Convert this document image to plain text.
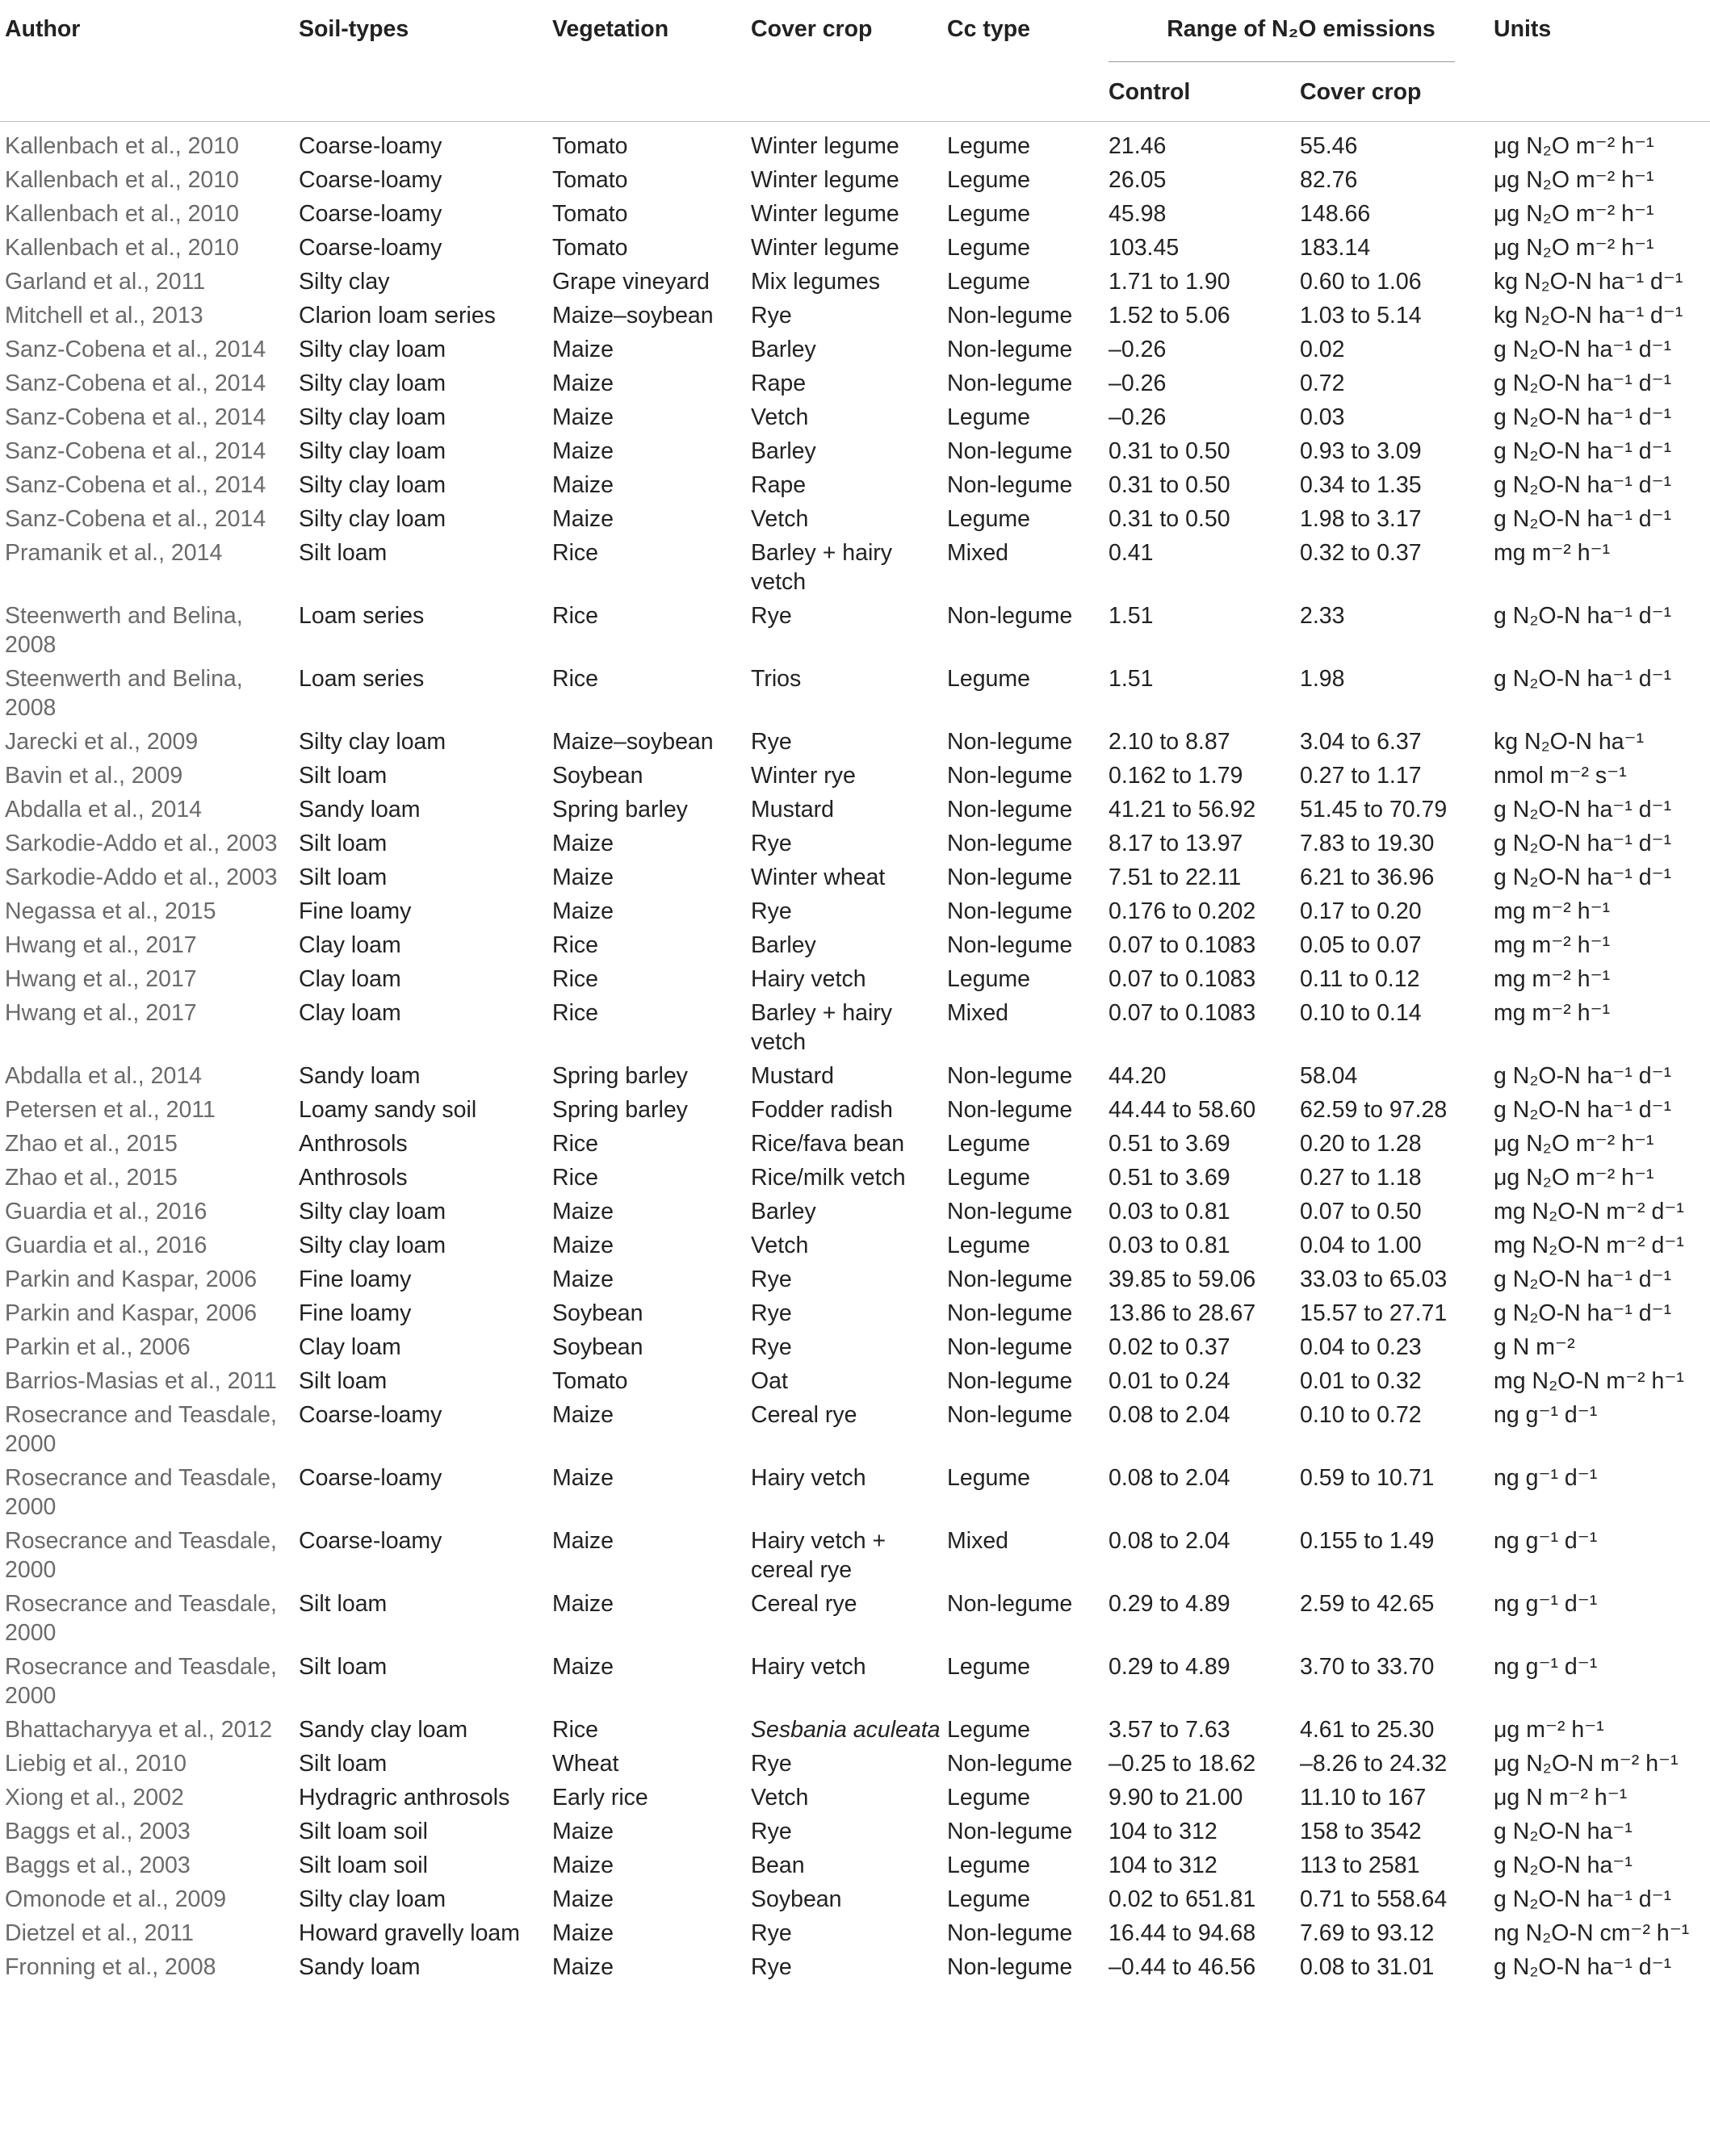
Author	Soil-types	Vegetation	Cover crop	Cc type	Range of N₂O emissions		Units
					Control	Cover crop	
Kallenbach et al., 2010	Coarse-loamy	Tomato	Winter legume	Legume	21.46	55.46	μg N₂O m⁻² h⁻¹
Kallenbach et al., 2010	Coarse-loamy	Tomato	Winter legume	Legume	26.05	82.76	μg N₂O m⁻² h⁻¹
Kallenbach et al., 2010	Coarse-loamy	Tomato	Winter legume	Legume	45.98	148.66	μg N₂O m⁻² h⁻¹
Kallenbach et al., 2010	Coarse-loamy	Tomato	Winter legume	Legume	103.45	183.14	μg N₂O m⁻² h⁻¹
Garland et al., 2011	Silty clay	Grape vineyard	Mix legumes	Legume	1.71 to 1.90	0.60 to 1.06	kg N₂O-N ha⁻¹ d⁻¹
Mitchell et al., 2013	Clarion loam series	Maize–soybean	Rye	Non-legume	1.52 to 5.06	1.03 to 5.14	kg N₂O-N ha⁻¹ d⁻¹
Sanz-Cobena et al., 2014	Silty clay loam	Maize	Barley	Non-legume	–0.26	0.02	g N₂O-N ha⁻¹ d⁻¹
Sanz-Cobena et al., 2014	Silty clay loam	Maize	Rape	Non-legume	–0.26	0.72	g N₂O-N ha⁻¹ d⁻¹
Sanz-Cobena et al., 2014	Silty clay loam	Maize	Vetch	Legume	–0.26	0.03	g N₂O-N ha⁻¹ d⁻¹
Sanz-Cobena et al., 2014	Silty clay loam	Maize	Barley	Non-legume	0.31 to 0.50	0.93 to 3.09	g N₂O-N ha⁻¹ d⁻¹
Sanz-Cobena et al., 2014	Silty clay loam	Maize	Rape	Non-legume	0.31 to 0.50	0.34 to 1.35	g N₂O-N ha⁻¹ d⁻¹
Sanz-Cobena et al., 2014	Silty clay loam	Maize	Vetch	Legume	0.31 to 0.50	1.98 to 3.17	g N₂O-N ha⁻¹ d⁻¹
Pramanik et al., 2014	Silt loam	Rice	Barley + hairy vetch	Mixed	0.41	0.32 to 0.37	mg m⁻² h⁻¹
Steenwerth and Belina, 2008	Loam series	Rice	Rye	Non-legume	1.51	2.33	g N₂O-N ha⁻¹ d⁻¹
Steenwerth and Belina, 2008	Loam series	Rice	Trios	Legume	1.51	1.98	g N₂O-N ha⁻¹ d⁻¹
Jarecki et al., 2009	Silty clay loam	Maize–soybean	Rye	Non-legume	2.10 to 8.87	3.04 to 6.37	kg N₂O-N ha⁻¹
Bavin et al., 2009	Silt loam	Soybean	Winter rye	Non-legume	0.162 to 1.79	0.27 to 1.17	nmol m⁻² s⁻¹
Abdalla et al., 2014	Sandy loam	Spring barley	Mustard	Non-legume	41.21 to 56.92	51.45 to 70.79	g N₂O-N ha⁻¹ d⁻¹
Sarkodie-Addo et al., 2003	Silt loam	Maize	Rye	Non-legume	8.17 to 13.97	7.83 to 19.30	g N₂O-N ha⁻¹ d⁻¹
Sarkodie-Addo et al., 2003	Silt loam	Maize	Winter wheat	Non-legume	7.51 to 22.11	6.21 to 36.96	g N₂O-N ha⁻¹ d⁻¹
Negassa et al., 2015	Fine loamy	Maize	Rye	Non-legume	0.176 to 0.202	0.17 to 0.20	mg m⁻² h⁻¹
Hwang et al., 2017	Clay loam	Rice	Barley	Non-legume	0.07 to 0.1083	0.05 to 0.07	mg m⁻² h⁻¹
Hwang et al., 2017	Clay loam	Rice	Hairy vetch	Legume	0.07 to 0.1083	0.11 to 0.12	mg m⁻² h⁻¹
Hwang et al., 2017	Clay loam	Rice	Barley + hairy vetch	Mixed	0.07 to 0.1083	0.10 to 0.14	mg m⁻² h⁻¹
Abdalla et al., 2014	Sandy loam	Spring barley	Mustard	Non-legume	44.20	58.04	g N₂O-N ha⁻¹ d⁻¹
Petersen et al., 2011	Loamy sandy soil	Spring barley	Fodder radish	Non-legume	44.44 to 58.60	62.59 to 97.28	g N₂O-N ha⁻¹ d⁻¹
Zhao et al., 2015	Anthrosols	Rice	Rice/fava bean	Legume	0.51 to 3.69	0.20 to 1.28	μg N₂O m⁻² h⁻¹
Zhao et al., 2015	Anthrosols	Rice	Rice/milk vetch	Legume	0.51 to 3.69	0.27 to 1.18	μg N₂O m⁻² h⁻¹
Guardia et al., 2016	Silty clay loam	Maize	Barley	Non-legume	0.03 to 0.81	0.07 to 0.50	mg N₂O-N m⁻² d⁻¹
Guardia et al., 2016	Silty clay loam	Maize	Vetch	Legume	0.03 to 0.81	0.04 to 1.00	mg N₂O-N m⁻² d⁻¹
Parkin and Kaspar, 2006	Fine loamy	Maize	Rye	Non-legume	39.85 to 59.06	33.03 to 65.03	g N₂O-N ha⁻¹ d⁻¹
Parkin and Kaspar, 2006	Fine loamy	Soybean	Rye	Non-legume	13.86 to 28.67	15.57 to 27.71	g N₂O-N ha⁻¹ d⁻¹
Parkin et al., 2006	Clay loam	Soybean	Rye	Non-legume	0.02 to 0.37	0.04 to 0.23	g N m⁻²
Barrios-Masias et al., 2011	Silt loam	Tomato	Oat	Non-legume	0.01 to 0.24	0.01 to 0.32	mg N₂O-N m⁻² h⁻¹
Rosecrance and Teasdale, 2000	Coarse-loamy	Maize	Cereal rye	Non-legume	0.08 to 2.04	0.10 to 0.72	ng g⁻¹ d⁻¹
Rosecrance and Teasdale, 2000	Coarse-loamy	Maize	Hairy vetch	Legume	0.08 to 2.04	0.59 to 10.71	ng g⁻¹ d⁻¹
Rosecrance and Teasdale, 2000	Coarse-loamy	Maize	Hairy vetch + cereal rye	Mixed	0.08 to 2.04	0.155 to 1.49	ng g⁻¹ d⁻¹
Rosecrance and Teasdale, 2000	Silt loam	Maize	Cereal rye	Non-legume	0.29 to 4.89	2.59 to 42.65	ng g⁻¹ d⁻¹
Rosecrance and Teasdale, 2000	Silt loam	Maize	Hairy vetch	Legume	0.29 to 4.89	3.70 to 33.70	ng g⁻¹ d⁻¹
Bhattacharyya et al., 2012	Sandy clay loam	Rice	Sesbania aculeata	Legume	3.57 to 7.63	4.61 to 25.30	μg m⁻² h⁻¹
Liebig et al., 2010	Silt loam	Wheat	Rye	Non-legume	–0.25 to 18.62	–8.26 to 24.32	μg N₂O-N m⁻² h⁻¹
Xiong et al., 2002	Hydragric anthrosols	Early rice	Vetch	Legume	9.90 to 21.00	11.10 to 167	μg N m⁻² h⁻¹
Baggs et al., 2003	Silt loam soil	Maize	Rye	Non-legume	104 to 312	158 to 3542	g N₂O-N ha⁻¹
Baggs et al., 2003	Silt loam soil	Maize	Bean	Legume	104 to 312	113 to 2581	g N₂O-N ha⁻¹
Omonode et al., 2009	Silty clay loam	Maize	Soybean	Legume	0.02 to 651.81	0.71 to 558.64	g N₂O-N ha⁻¹ d⁻¹
Dietzel et al., 2011	Howard gravelly loam	Maize	Rye	Non-legume	16.44 to 94.68	7.69 to 93.12	ng N₂O-N cm⁻² h⁻¹
Fronning et al., 2008	Sandy loam	Maize	Rye	Non-legume	–0.44 to 46.56	0.08 to 31.01	g N₂O-N ha⁻¹ d⁻¹
